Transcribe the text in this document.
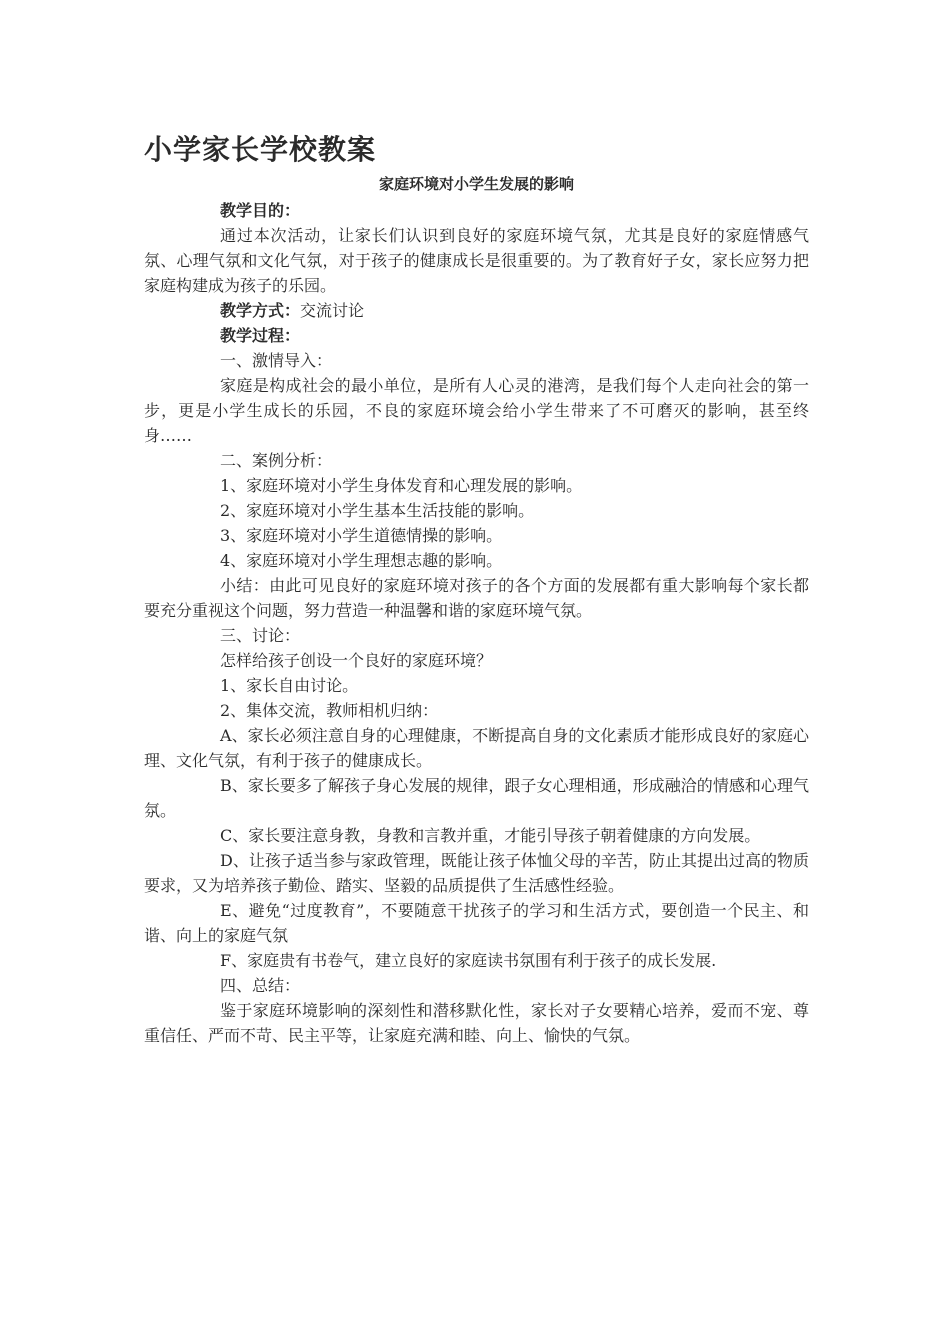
小学家长学校教案
家庭环境对小学生发展的影响

教学目的：

通过本次活动，让家长们认识到良好的家庭环境气氛，尤其是良好的家庭情感气氛、心理气氛和文化气氛，对于孩子的健康成长是很重要的。为了教育好子女，家长应努力把家庭构建成为孩子的乐园。

教学方式：交流讨论

教学过程：

一、激情导入：

家庭是构成社会的最小单位，是所有人心灵的港湾，是我们每个人走向社会的第一步，更是小学生成长的乐园，不良的家庭环境会给小学生带来了不可磨灭的影响，甚至终身……

二、案例分析：

1、家庭环境对小学生身体发育和心理发展的影响。

2、家庭环境对小学生基本生活技能的影响。

3、家庭环境对小学生道德情操的影响。

4、家庭环境对小学生理想志趣的影响。

小结：由此可见良好的家庭环境对孩子的各个方面的发展都有重大影响每个家长都要充分重视这个问题，努力营造一种温馨和谐的家庭环境气氛。

三、讨论：

怎样给孩子创设一个良好的家庭环境？

1、家长自由讨论。

2、集体交流，教师相机归纳：

A、家长必须注意自身的心理健康，不断提高自身的文化素质才能形成良好的家庭心理、文化气氛，有利于孩子的健康成长。

B、家长要多了解孩子身心发展的规律，跟子女心理相通，形成融洽的情感和心理气氛。

C、家长要注意身教，身教和言教并重，才能引导孩子朝着健康的方向发展。

D、让孩子适当参与家政管理，既能让孩子体恤父母的辛苦，防止其提出过高的物质要求，又为培养孩子勤俭、踏实、坚毅的品质提供了生活感性经验。

E、避免“过度教育”，不要随意干扰孩子的学习和生活方式，要创造一个民主、和谐、向上的家庭气氛

F、家庭贵有书卷气，建立良好的家庭读书氛围有利于孩子的成长发展.

四、总结：

鉴于家庭环境影响的深刻性和潜移默化性，家长对子女要精心培养，爱而不宠、尊重信任、严而不苛、民主平等，让家庭充满和睦、向上、愉快的气氛。
